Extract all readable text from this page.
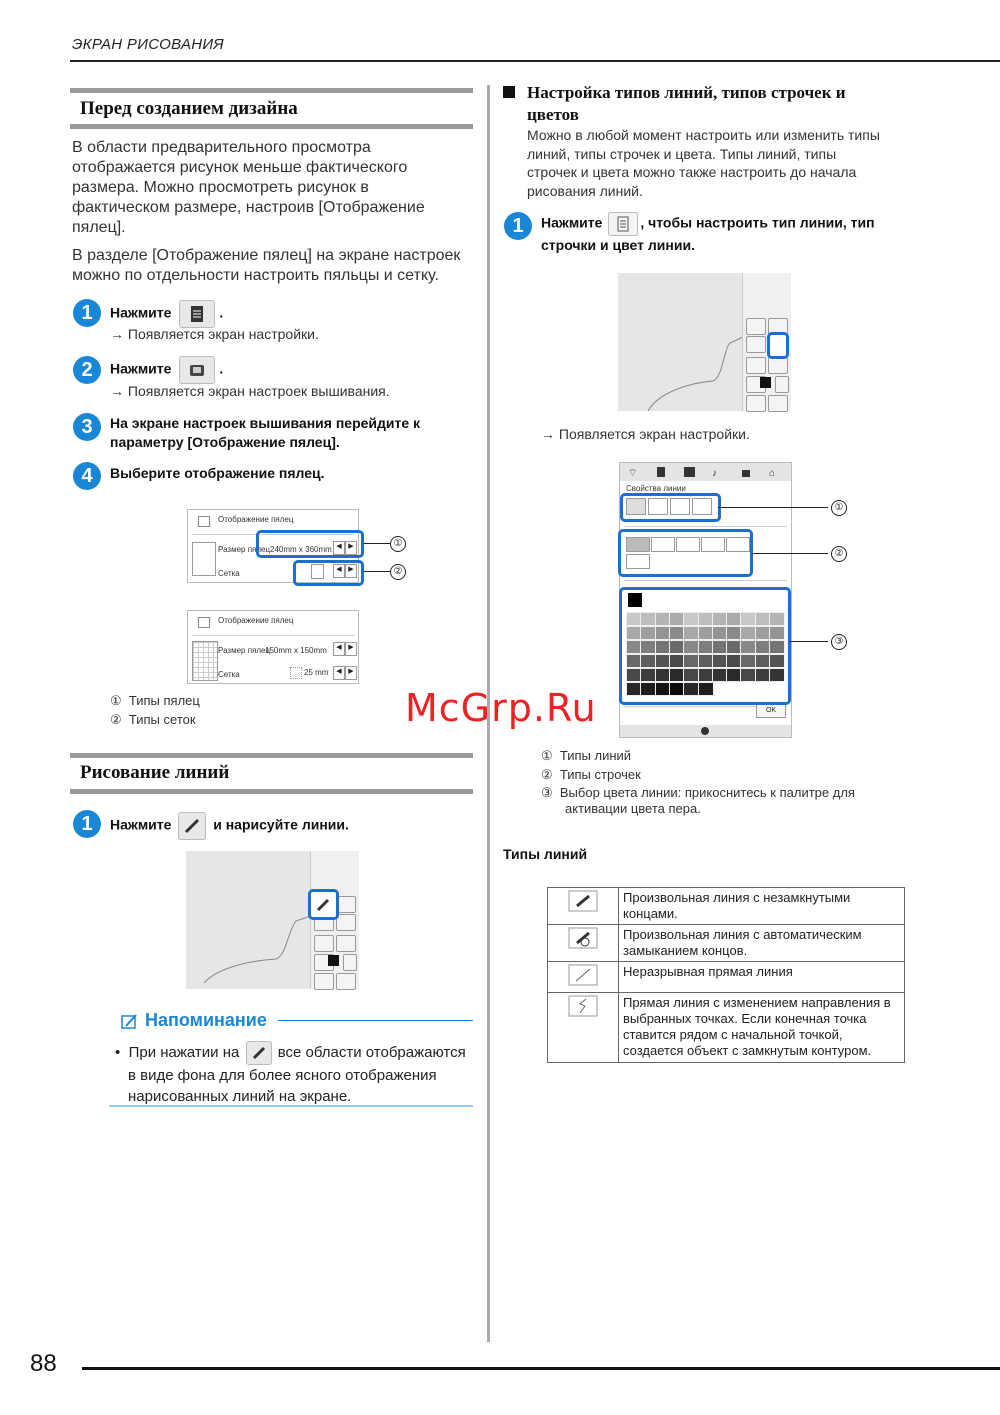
ЭКРАН РИСОВАНИЯ
Перед созданием дизайна
В области предварительного просмотра
отображается рисунок меньше фактического
размера. Можно просмотреть рисунок в
фактическом размере, настроив [Отображение
пялец].
В разделе [Отображение пялец] на экране настроек
можно по отдельности настроить пяльцы и сетку.
1	Нажмите	.
→ Появляется экран настройки.
2	Нажмите	.
→ Появляется экран настроек вышивания.
3	На экране настроек вышивания перейдите к
параметру [Отображение пялец].
4	Выберите отображение пялец.
Отображение пялец
Размер пялец 240mm x 360mm ◀ ▶
Сетка	◀ ▶
①
②
Отображение пялец
Размер пялец
150mm x 150mm	◀ ▶
Сетка	25 mm	◀ ▶
① Типы пялец
② Типы сеток
Рисование линий
1	Нажмите	и нарисуйте линии.
Напоминание
•  При нажатии на	все области отображаются
в виде фона для более ясного отображения
нарисованных линий на экране.
Настройка типов линий, типов строчек и
цветов
Можно в любой момент настроить или изменить типы
линий, типы строчек и цвета. Типы линий, типы
строчек и цвета можно также настроить до начала
рисования линий.
1	Нажмите	, чтобы настроить тип линии, тип
строчки и цвет линии.
→ Появляется экран настройки.
⌔	♪	⌂
Свойства линии
OK
①
②
③
McGrp.Ru
① Типы линий
② Типы строчек
③ Выбор цвета линии: прикоснитесь к палитре для
активации цвета пера.
Типы линий

Произвольная линия с незамкнутыми
концами.

Произвольная линия с автоматическим
замыканием концов.

Неразрывная прямая линия

Прямая линия с изменением направления в
выбранных точках. Если конечная точка
ставится рядом с начальной точкой,
создается объект с замкнутым контуром.
88
